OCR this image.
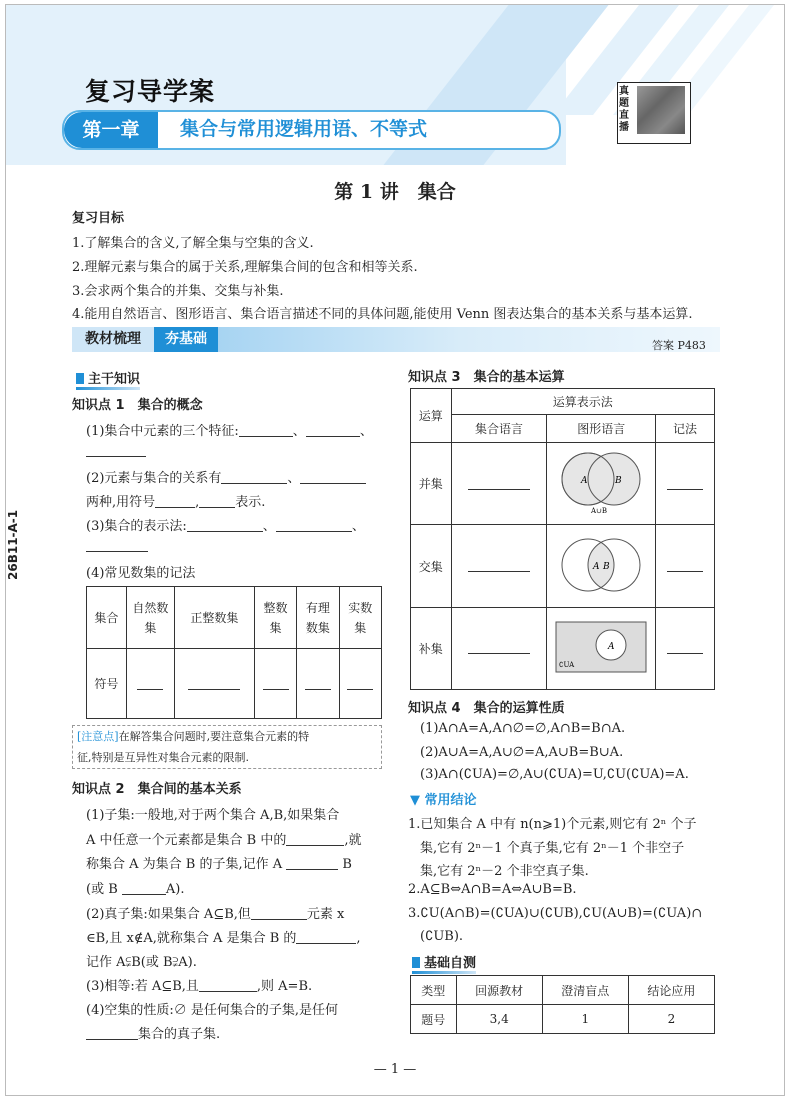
复习导学案
第一章	集合与常用逻辑用语、不等式
真题直播
26B11-A-1
第 1 讲　集合
复习目标
1.了解集合的含义,了解全集与空集的含义.
2.理解元素与集合的属于关系,理解集合间的包含和相等关系.
3.会求两个集合的并集、交集与补集.
4.能用自然语言、图形语言、集合语言描述不同的具体问题,能使用 Venn 图表达集合的基本关系与基本运算.
教材梳理	夯基础	答案 P483
主干知识
知识点 1　集合的概念
(1)集合中元素的三个特征:	、	、
(2)元素与集合的关系有	、
两种,用符号	,	表示.
(3)集合的表示法:	、	、
(4)常见数集的记法
集合	自然数集	正整数集	整数集	有理数集	实数集
符号					
[注意点]在解答集合问题时,要注意集合元素的特
征,特别是互异性对集合元素的限制.
知识点 2　集合间的基本关系
(1)子集:一般地,对于两个集合 A,B,如果集合
A 中任意一个元素都是集合 B 中的	,就
称集合 A 为集合 B 的子集,记作 A	B
(或 B	A).
(2)真子集:如果集合 A⊆B,但	元素 x
∈B,且 x∉A,就称集合 A 是集合 B 的	,
记作 A⫋B(或 B⫌A).
(3)相等:若 A⊆B,且	,则 A=B.
(4)空集的性质:∅ 是任何集合的子集,是任何
集合的真子集.
知识点 3　集合的基本运算
运算	运算表示法		
	集合语言	图形语言	记法
并集		A B
A∪B	

交集		A B	

补集		A
∁UA	

知识点 4　集合的运算性质
(1)A∩A=A,A∩∅=∅,A∩B=B∩A.
(2)A∪A=A,A∪∅=A,A∪B=B∪A.
(3)A∩(∁UA)=∅,A∪(∁UA)=U,∁U(∁UA)=A.
▼ 常用结论
1.已知集合 A 中有 n(n⩾1)个元素,则它有 2ⁿ 个子
集,它有 2ⁿ－1 个真子集,它有 2ⁿ－1 个非空子
集,它有 2ⁿ－2 个非空真子集.
2.A⊆B⇔A∩B=A⇔A∪B=B.
3.∁U(A∩B)=(∁UA)∪(∁UB),∁U(A∪B)=(∁UA)∩
(∁UB).
基础自测
类型	回源教材	澄清盲点	结论应用
题号	3,4	1	2
— 1 —
